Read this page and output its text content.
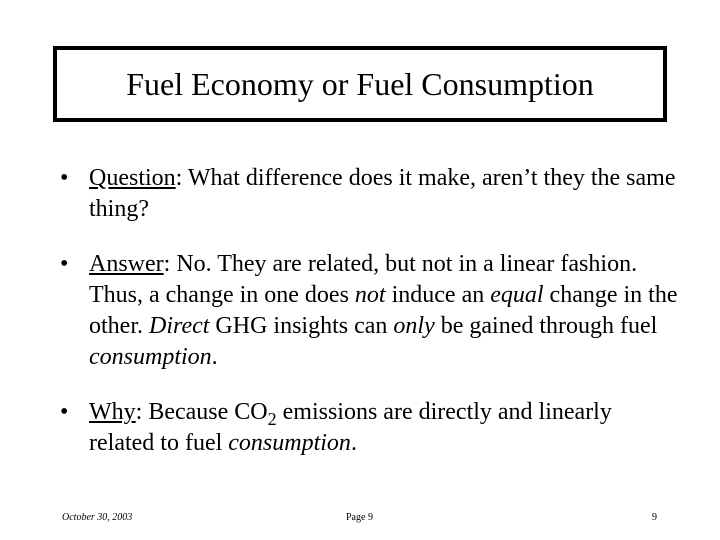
Fuel Economy or Fuel Consumption
• Question: What difference does it make, aren’t they the same thing?
• Answer: No. They are related, but not in a linear fashion. Thus, a change in one does not induce an equal change in the other. Direct GHG insights can only be gained through fuel consumption.
• Why: Because $CO_2$ emissions are directly and linearly related to fuel consumption.
October 30, 2003	Page 9	9
